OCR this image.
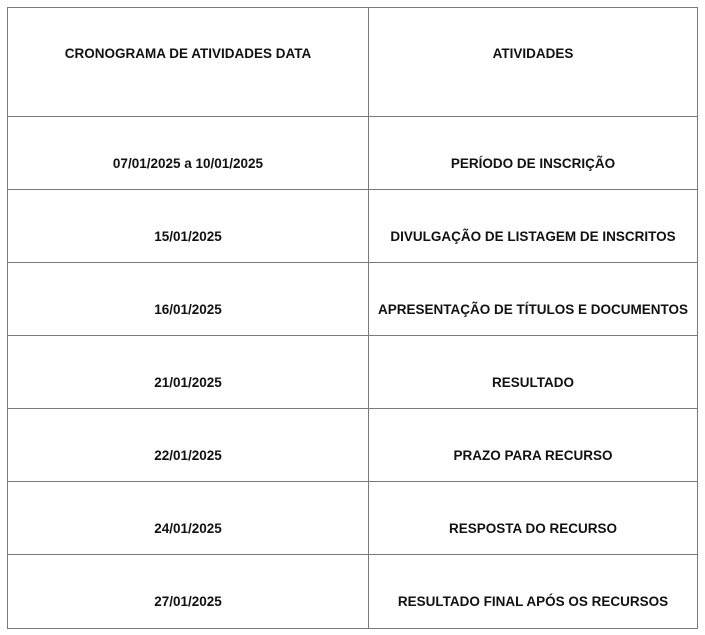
CRONOGRAMA DE ATIVIDADES DATA	ATIVIDADES
07/01/2025 a 10/01/2025	PERÍODO DE INSCRIÇÃO
15/01/2025	DIVULGAÇÃO DE LISTAGEM DE INSCRITOS
16/01/2025	APRESENTAÇÃO DE TÍTULOS E DOCUMENTOS
21/01/2025	RESULTADO
22/01/2025	PRAZO PARA RECURSO
24/01/2025	RESPOSTA DO RECURSO
27/01/2025	RESULTADO FINAL APÓS OS RECURSOS
